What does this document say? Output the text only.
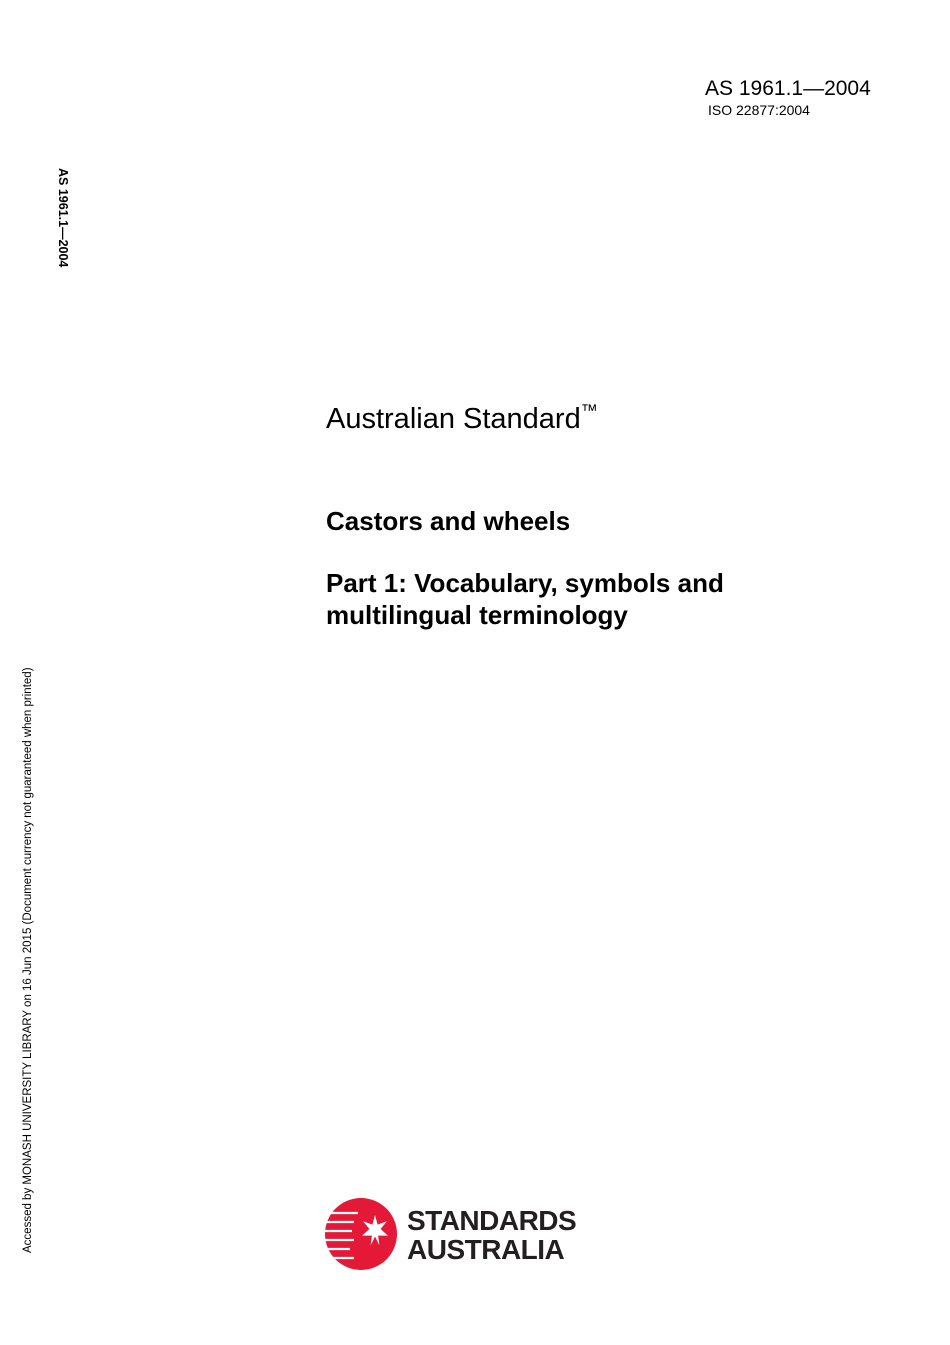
AS 1961.1—2004
ISO 22877:2004
AS 1961.1—2004
Accessed by MONASH UNIVERSITY LIBRARY on 16 Jun 2015 (Document currency not guaranteed when printed)
Australian Standard™
Castors and wheels
Part 1: Vocabulary, symbols and
multilingual terminology
STANDARDS
AUSTRALIA
